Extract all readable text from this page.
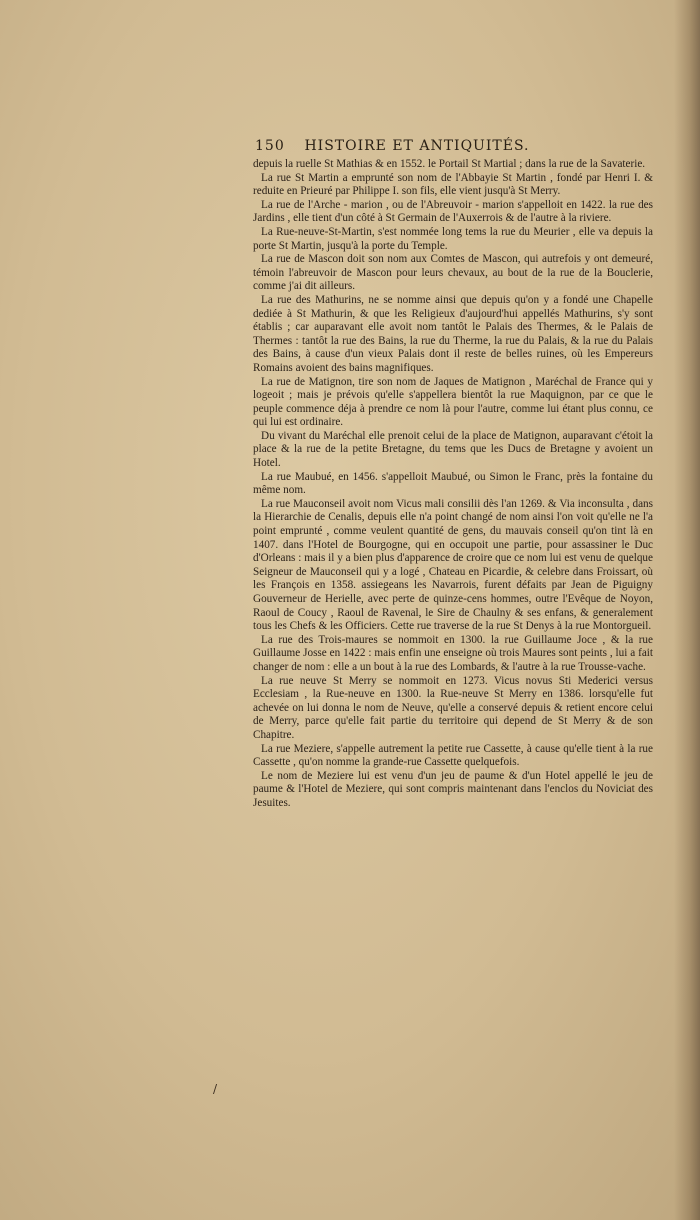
150 HISTOIRE ET ANTIQUITÉS.

depuis la ruelle St Mathias & en 1552. le Portail St Martial ; dans la rue de la Savaterie.

La rue St Martin a emprunté son nom de l'Abbayie St Martin , fondé par Henri I. & reduite en Prieuré par Philippe I. son fils, elle vient jusqu'à St Merry.

La rue de l'Arche - marion , ou de l'Abreuvoir - marion s'appelloit en 1422. la rue des Jardins , elle tient d'un côté à St Germain de l'Auxerrois & de l'autre à la riviere.

La Rue-neuve-St-Martin, s'est nommée long tems la rue du Meurier , elle va depuis la porte St Martin, jusqu'à la porte du Temple.

La rue de Mascon doit son nom aux Comtes de Mascon, qui autrefois y ont demeuré, témoin l'abreuvoir de Mascon pour leurs chevaux, au bout de la rue de la Bouclerie, comme j'ai dit ailleurs.

La rue des Mathurins, ne se nomme ainsi que depuis qu'on y a fondé une Chapelle dediée à St Mathurin, & que les Religieux d'aujourd'hui appellés Mathurins, s'y sont établis ; car auparavant elle avoit nom tantôt le Palais des Thermes, & le Palais de Thermes : tantôt la rue des Bains, la rue du Therme, la rue du Palais, & la rue du Palais des Bains, à cause d'un vieux Palais dont il reste de belles ruines, où les Empereurs Romains avoient des bains magnifiques.

La rue de Matignon, tire son nom de Jaques de Matignon , Maréchal de France qui y logeoit ; mais je prévois qu'elle s'appellera bientôt la rue Maquignon, par ce que le peuple commence déja à prendre ce nom là pour l'autre, comme lui étant plus connu, ce qui lui est ordinaire.

Du vivant du Maréchal elle prenoit celui de la place de Matignon, auparavant c'étoit la place & la rue de la petite Bretagne, du tems que les Ducs de Bretagne y avoient un Hotel.

La rue Maubué, en 1456. s'appelloit Maubué, ou Simon le Franc, près la fontaine du même nom.

La rue Mauconseil avoit nom Vicus mali consilii dès l'an 1269. & Via inconsulta , dans la Hierarchie de Cenalis, depuis elle n'a point changé de nom ainsi l'on voit qu'elle ne l'a point emprunté , comme veulent quantité de gens, du mauvais conseil qu'on tint là en 1407. dans l'Hotel de Bourgogne, qui en occupoit une partie, pour assassiner le Duc d'Orleans : mais il y a bien plus d'apparence de croire que ce nom lui est venu de quelque Seigneur de Mauconseil qui y a logé , Chateau en Picardie, & celebre dans Froissart, où les François en 1358. assiegeans les Navarrois, furent défaits par Jean de Piguigny Gouverneur de Herielle, avec perte de quinze-cens hommes, outre l'Evêque de Noyon, Raoul de Coucy , Raoul de Ravenal, le Sire de Chaulny & ses enfans, & generalement tous les Chefs & les Officiers. Cette rue traverse de la rue St Denys à la rue Montorgueil.

La rue des Trois-maures se nommoit en 1300. la rue Guillaume Joce , & la rue Guillaume Josse en 1422 : mais enfin une enseigne où trois Maures sont peints , lui a fait changer de nom : elle a un bout à la rue des Lombards, & l'autre à la rue Trousse-vache.

La rue neuve St Merry se nommoit en 1273. Vicus novus Sti Mederici versus Ecclesiam , la Rue-neuve en 1300. la Rue-neuve St Merry en 1386. lorsqu'elle fut achevée on lui donna le nom de Neuve, qu'elle a conservé depuis & retient encore celui de Merry, parce qu'elle fait partie du territoire qui depend de St Merry & de son Chapitre.

La rue Meziere, s'appelle autrement la petite rue Cassette, à cause qu'elle tient à la rue Cassette , qu'on nomme la grande-rue Cassette quelquefois.

Le nom de Meziere lui est venu d'un jeu de paume & d'un Hotel appellé le jeu de paume & l'Hotel de Meziere, qui sont compris maintenant dans l'enclos du Noviciat des Jesuites.

/
